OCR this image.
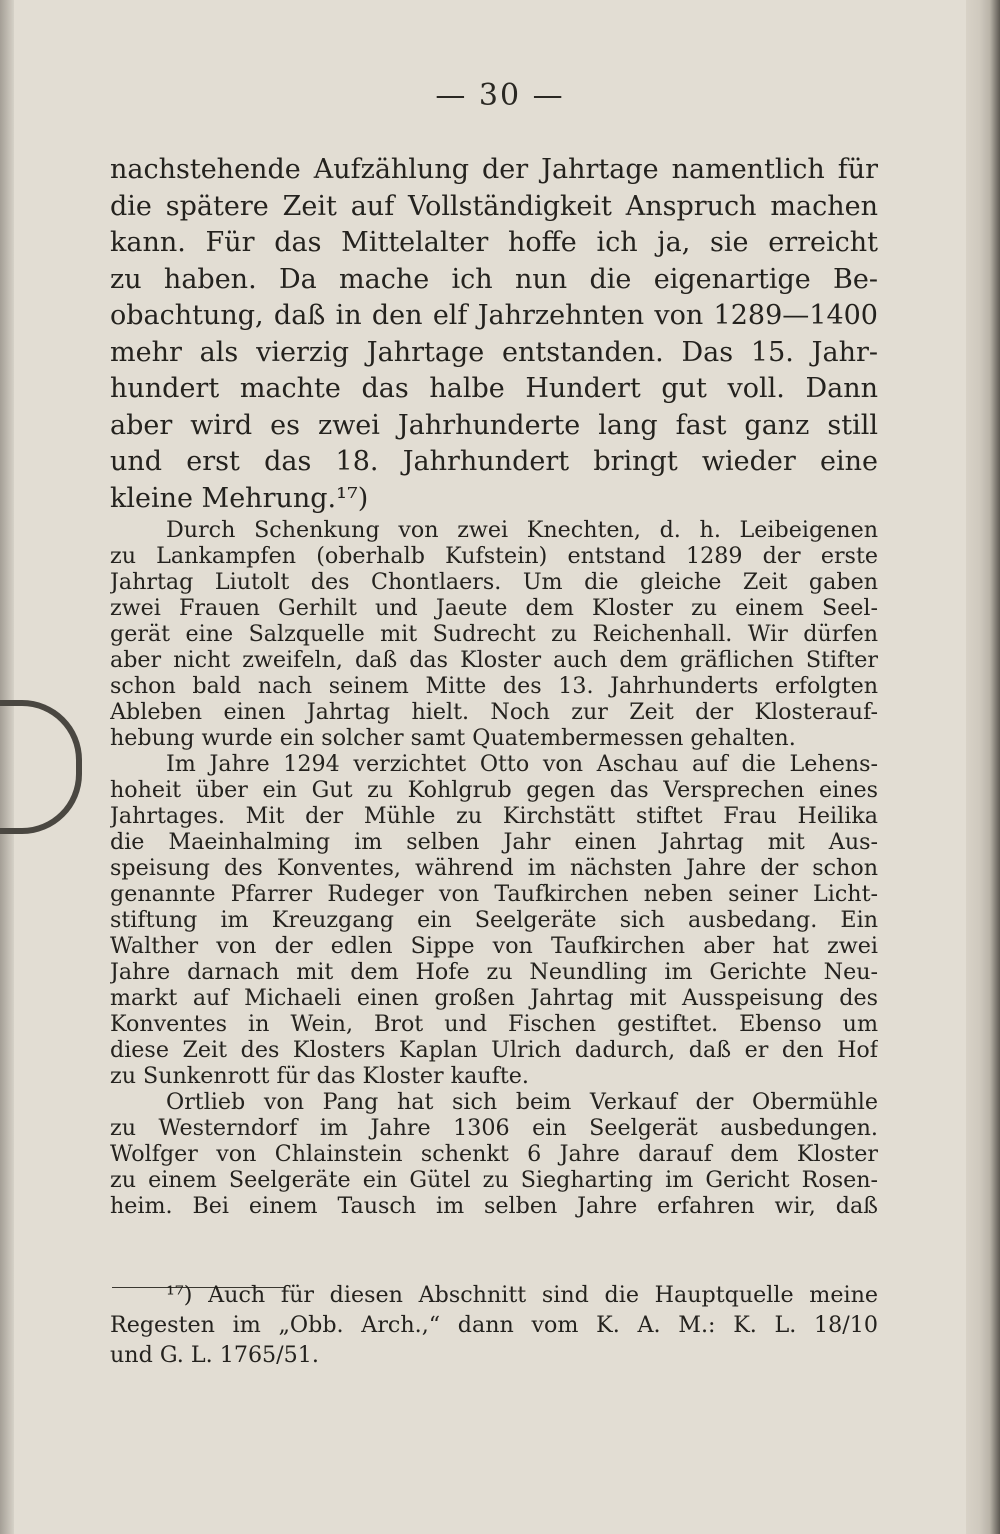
— 30 —
nachstehende Aufzählung der Jahrtage namentlich für
die spätere Zeit auf Vollständigkeit Anspruch machen
kann. Für das Mittelalter hoffe ich ja, sie erreicht
zu haben. Da mache ich nun die eigenartige Be-
obachtung, daß in den elf Jahrzehnten von 1289—1400
mehr als vierzig Jahrtage entstanden. Das 15. Jahr-
hundert machte das halbe Hundert gut voll. Dann
aber wird es zwei Jahrhunderte lang fast ganz still
und erst das 18. Jahrhundert bringt wieder eine
kleine Mehrung.¹⁷)
Durch Schenkung von zwei Knechten, d. h. Leibeigenen
zu Lankampfen (oberhalb Kufstein) entstand 1289 der erste
Jahrtag Liutolt des Chontlaers. Um die gleiche Zeit gaben
zwei Frauen Gerhilt und Jaeute dem Kloster zu einem Seel-
gerät eine Salzquelle mit Sudrecht zu Reichenhall. Wir dürfen
aber nicht zweifeln, daß das Kloster auch dem gräflichen Stifter
schon bald nach seinem Mitte des 13. Jahrhunderts erfolgten
Ableben einen Jahrtag hielt. Noch zur Zeit der Klosterauf-
hebung wurde ein solcher samt Quatembermessen gehalten.
Im Jahre 1294 verzichtet Otto von Aschau auf die Lehens-
hoheit über ein Gut zu Kohlgrub gegen das Versprechen eines
Jahrtages. Mit der Mühle zu Kirchstätt stiftet Frau Heilika
die Maeinhalming im selben Jahr einen Jahrtag mit Aus-
speisung des Konventes, während im nächsten Jahre der schon
genannte Pfarrer Rudeger von Taufkirchen neben seiner Licht-
stiftung im Kreuzgang ein Seelgeräte sich ausbedang. Ein
Walther von der edlen Sippe von Taufkirchen aber hat zwei
Jahre darnach mit dem Hofe zu Neundling im Gerichte Neu-
markt auf Michaeli einen großen Jahrtag mit Ausspeisung des
Konventes in Wein, Brot und Fischen gestiftet. Ebenso um
diese Zeit des Klosters Kaplan Ulrich dadurch, daß er den Hof
zu Sunkenrott für das Kloster kaufte.
Ortlieb von Pang hat sich beim Verkauf der Obermühle
zu Westerndorf im Jahre 1306 ein Seelgerät ausbedungen.
Wolfger von Chlainstein schenkt 6 Jahre darauf dem Kloster
zu einem Seelgeräte ein Gütel zu Siegharting im Gericht Rosen-
heim. Bei einem Tausch im selben Jahre erfahren wir, daß
¹⁷) Auch für diesen Abschnitt sind die Hauptquelle meine
Regesten im „Obb. Arch.,“ dann vom K. A. M.: K. L. 18/10
und G. L. 1765/51.
